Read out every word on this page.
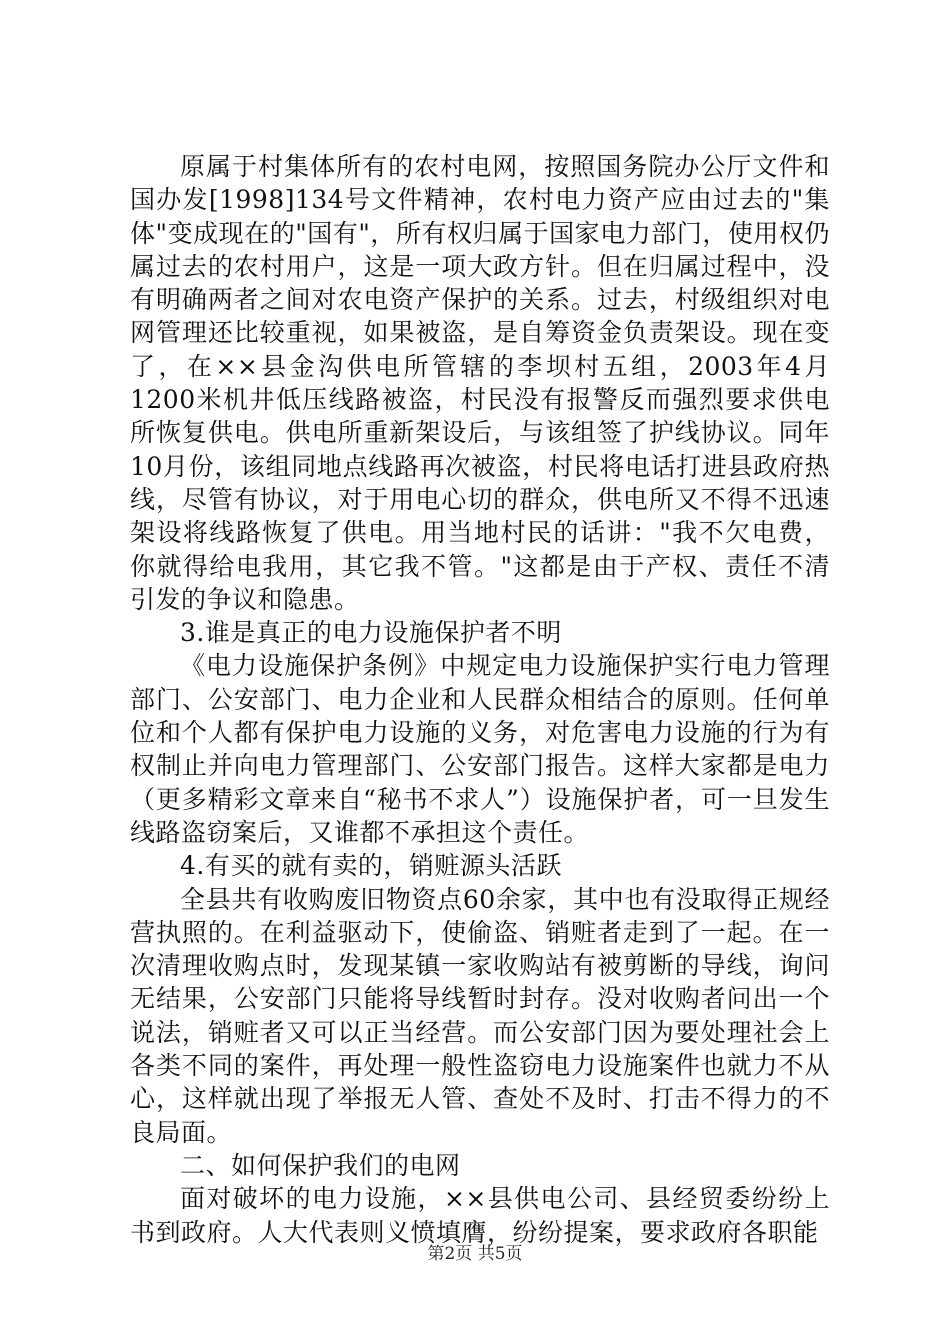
原属于村集体所有的农村电网，按照国务院办公厅文件和国办发[1998]134号文件精神，农村电力资产应由过去的"集体"变成现在的"国有"，所有权归属于国家电力部门，使用权仍属过去的农村用户，这是一项大政方针。但在归属过程中，没有明确两者之间对农电资产保护的关系。过去，村级组织对电网管理还比较重视，如果被盗，是自筹资金负责架设。现在变了，在××县金沟供电所管辖的李坝村五组，2003年4月1200米机井低压线路被盗，村民没有报警反而强烈要求供电所恢复供电。供电所重新架设后，与该组签了护线协议。同年10月份，该组同地点线路再次被盗，村民将电话打进县政府热线，尽管有协议，对于用电心切的群众，供电所又不得不迅速架设将线路恢复了供电。用当地村民的话讲："我不欠电费，你就得给电我用，其它我不管。"这都是由于产权、责任不清引发的争议和隐患。

3.谁是真正的电力设施保护者不明

《电力设施保护条例》中规定电力设施保护实行电力管理部门、公安部门、电力企业和人民群众相结合的原则。任何单位和个人都有保护电力设施的义务，对危害电力设施的行为有权制止并向电力管理部门、公安部门报告。这样大家都是电力（更多精彩文章来自“秘书不求人”）设施保护者，可一旦发生线路盗窃案后，又谁都不承担这个责任。

4.有买的就有卖的，销赃源头活跃

全县共有收购废旧物资点60余家，其中也有没取得正规经营执照的。在利益驱动下，使偷盗、销赃者走到了一起。在一次清理收购点时，发现某镇一家收购站有被剪断的导线，询问无结果，公安部门只能将导线暂时封存。没对收购者问出一个说法，销赃者又可以正当经营。而公安部门因为要处理社会上各类不同的案件，再处理一般性盗窃电力设施案件也就力不从心，这样就出现了举报无人管、查处不及时、打击不得力的不良局面。

二、如何保护我们的电网

面对破坏的电力设施，××县供电公司、县经贸委纷纷上书到政府。人大代表则义愤填膺，纷纷提案，要求政府各职能

第2页 共5页
